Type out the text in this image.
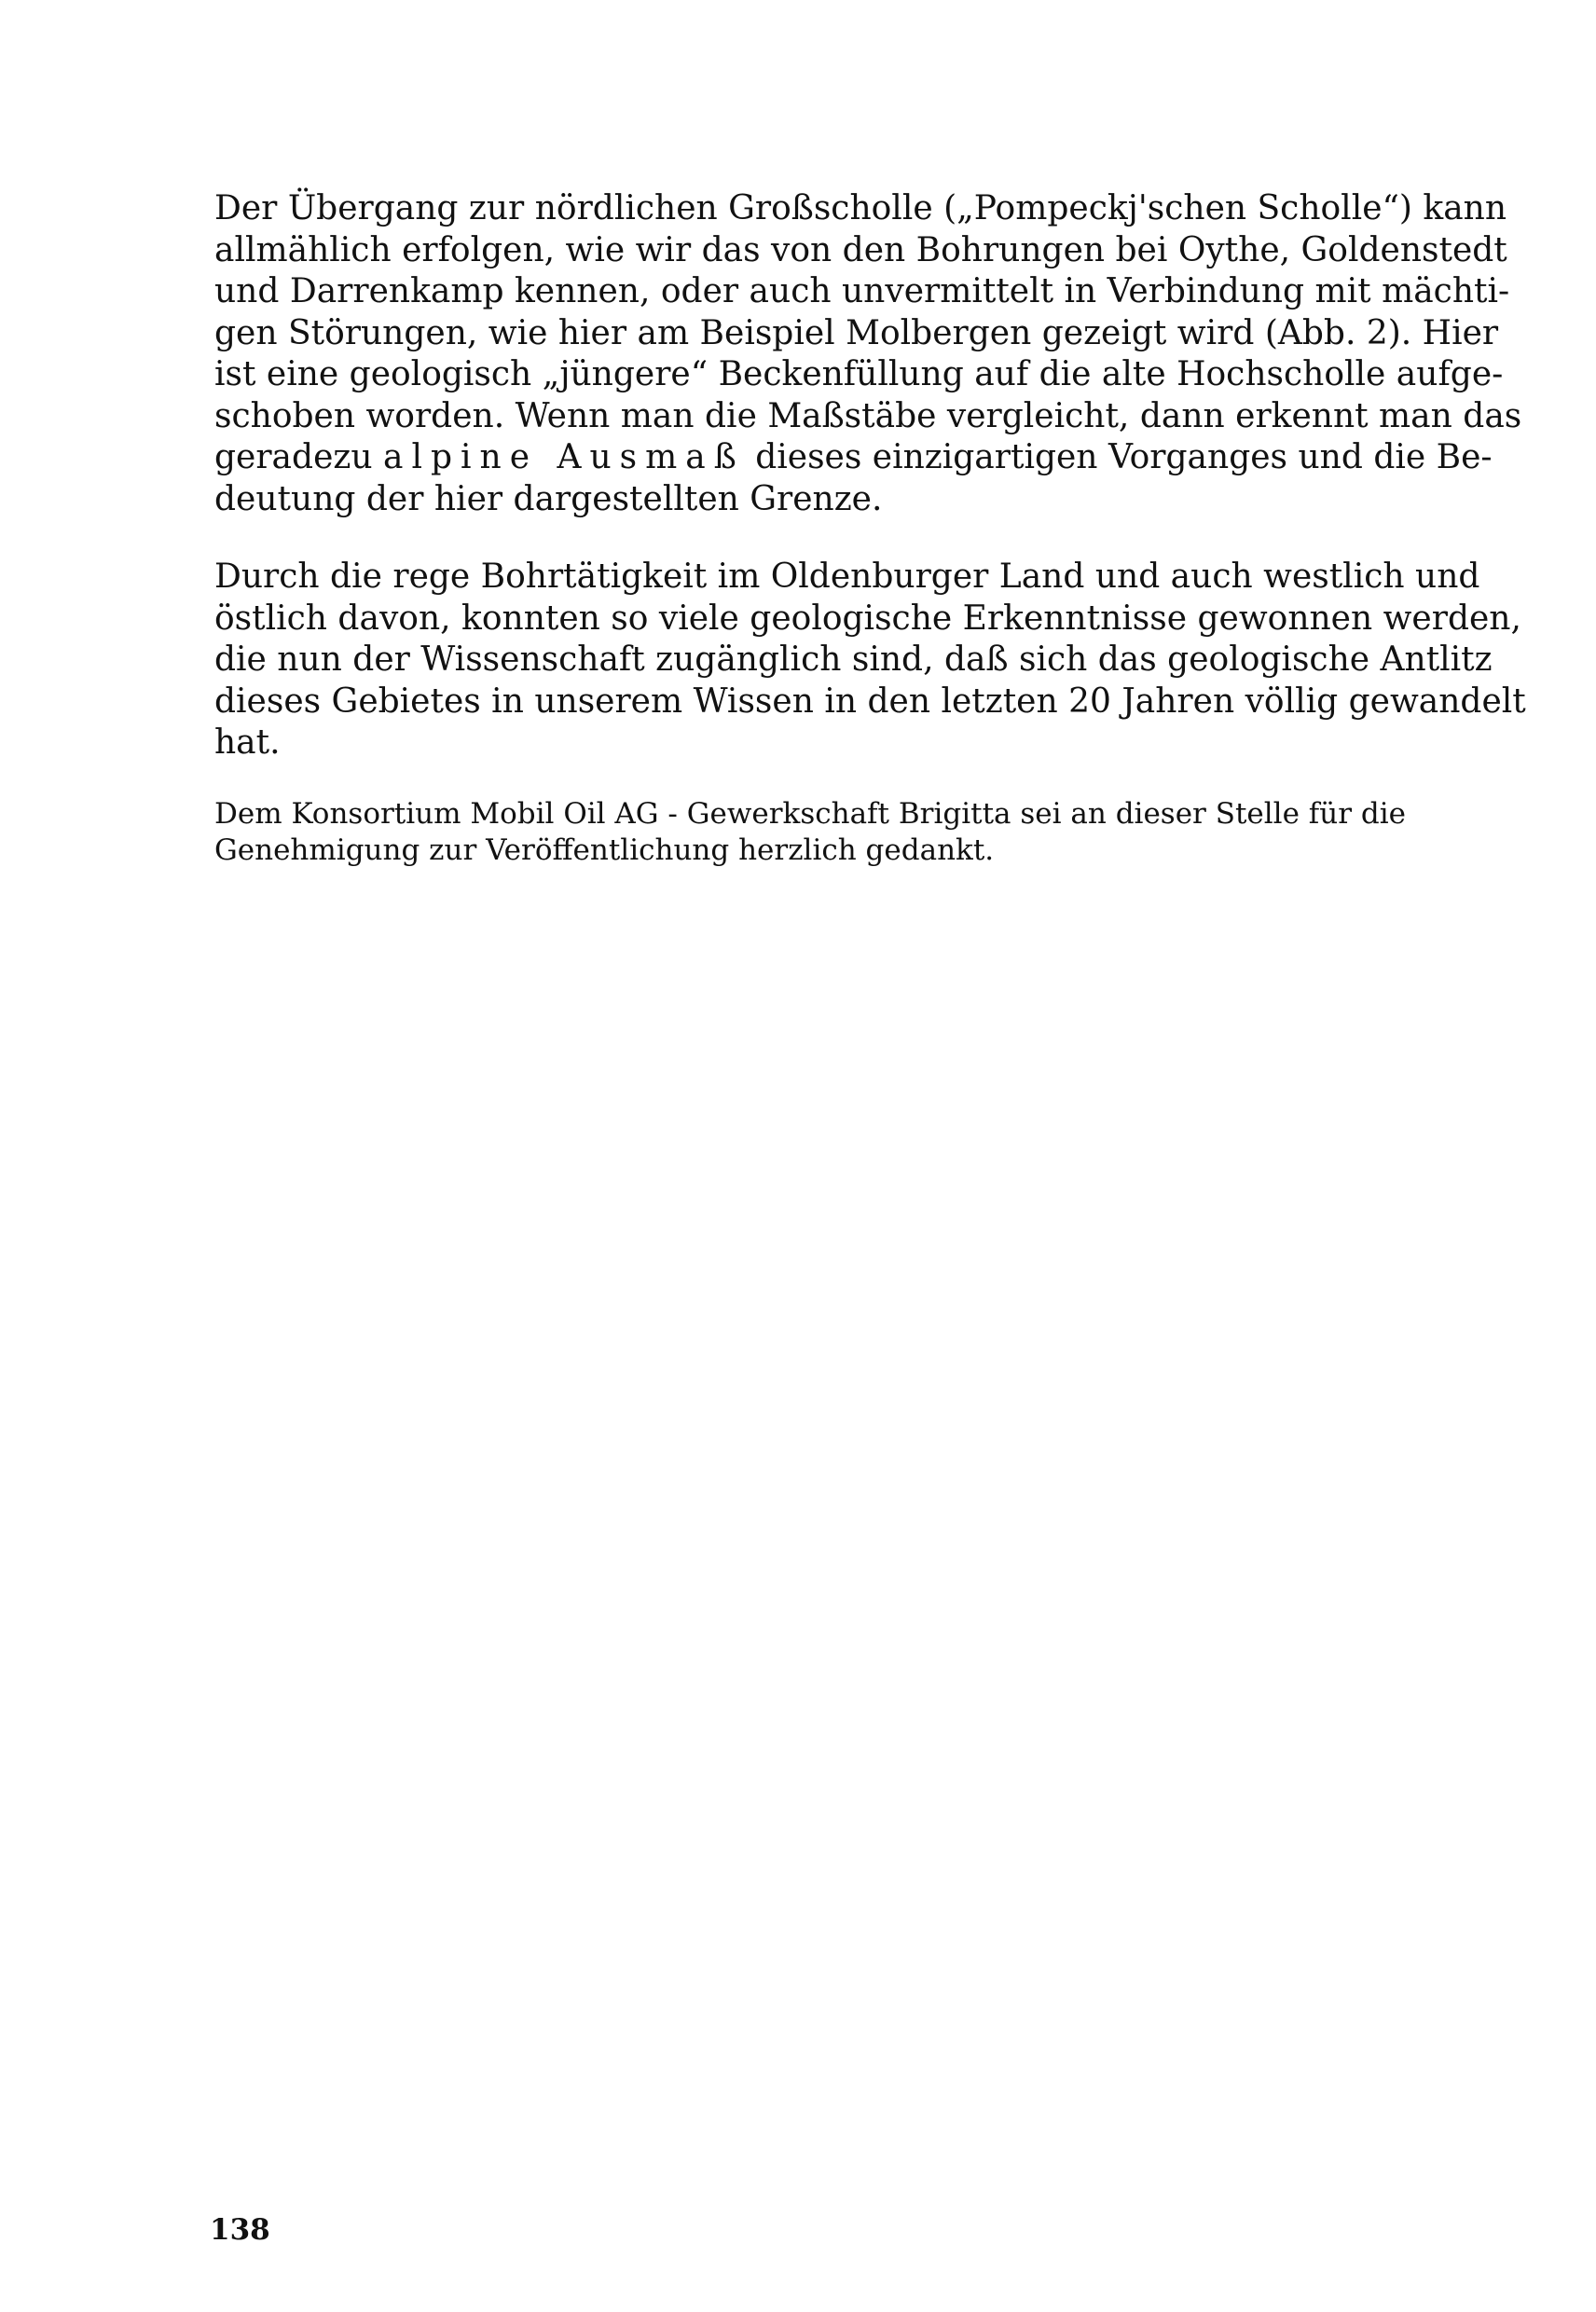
Der Übergang zur nördlichen Großscholle („Pompeckj'schen Scholle“) kann
allmählich erfolgen, wie wir das von den Bohrungen bei Oythe, Goldenstedt
und Darrenkamp kennen, oder auch unvermittelt in Verbindung mit mächti-
gen Störungen, wie hier am Beispiel Molbergen gezeigt wird (Abb. 2). Hier
ist eine geologisch „jüngere“ Beckenfüllung auf die alte Hochscholle aufge-
schoben worden. Wenn man die Maßstäbe vergleicht, dann erkennt man das
geradezu alpine Ausmaß dieses einzigartigen Vorganges und die Be-
deutung der hier dargestellten Grenze.
Durch die rege Bohrtätigkeit im Oldenburger Land und auch westlich und
östlich davon, konnten so viele geologische Erkenntnisse gewonnen werden,
die nun der Wissenschaft zugänglich sind, daß sich das geologische Antlitz
dieses Gebietes in unserem Wissen in den letzten 20 Jahren völlig gewandelt
hat.
Dem Konsortium Mobil Oil AG - Gewerkschaft Brigitta sei an dieser Stelle für die
Genehmigung zur Veröffentlichung herzlich gedankt.
138
